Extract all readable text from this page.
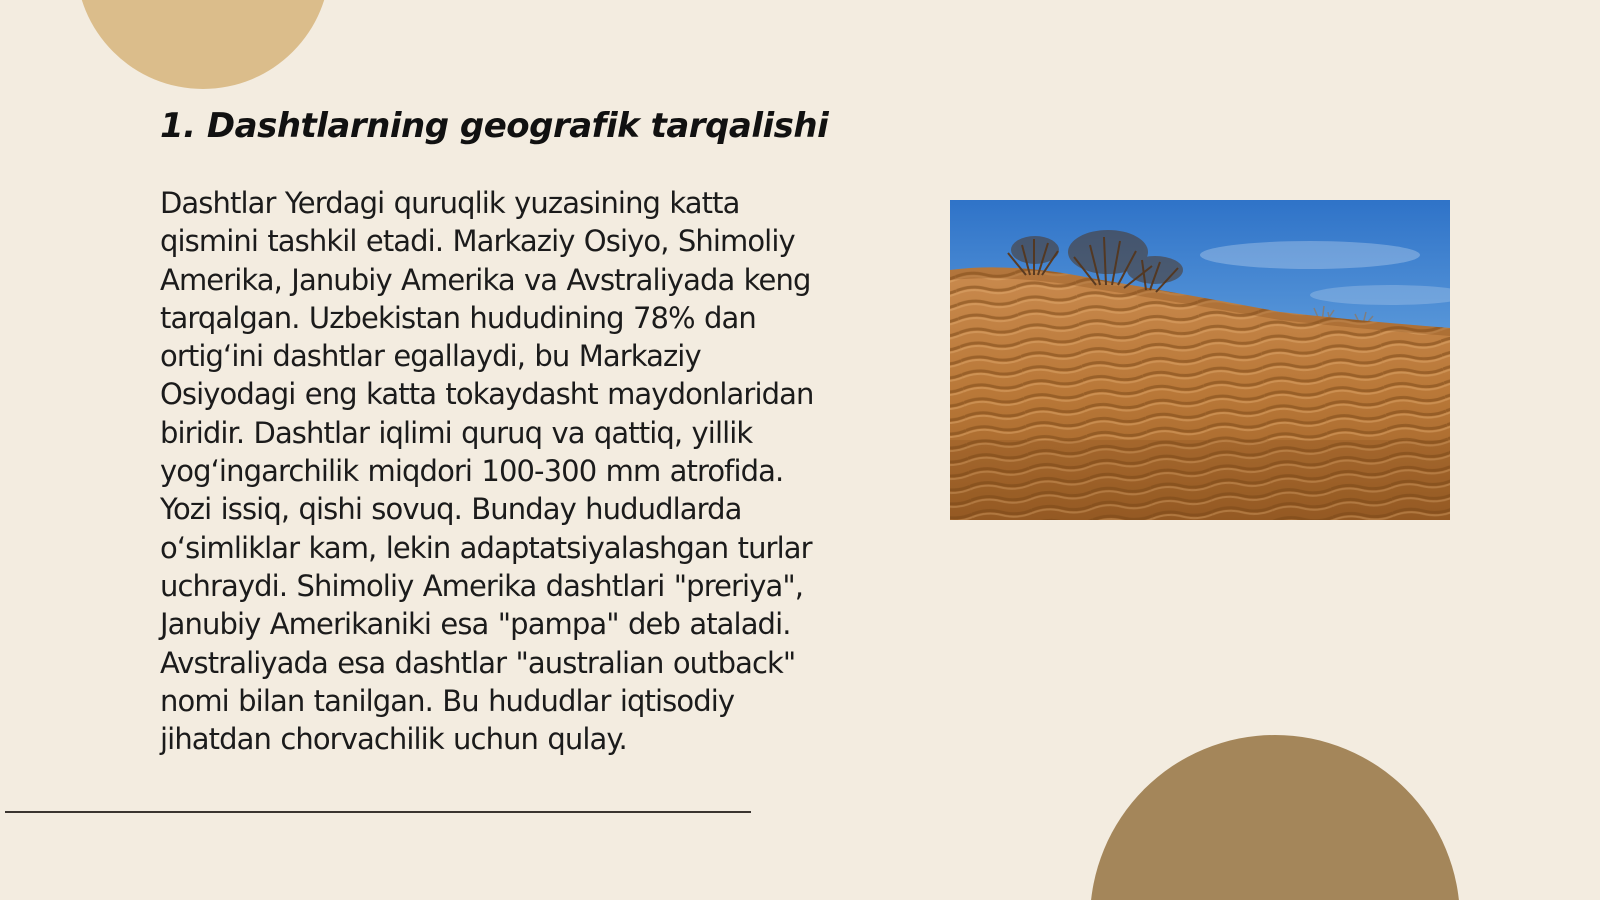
1. Dashtlarning geografik tarqalishi

Dashtlar Yerdagi quruqlik yuzasining katta qismini tashkil etadi. Markaziy Osiyo, Shimoliy Amerika, Janubiy Amerika va Avstraliyada keng tarqalgan. Uzbekistan hududining 78% dan ortig‘ini dashtlar egallaydi, bu Markaziy Osiyodagi eng katta tokaydasht maydonlaridan biridir. Dashtlar iqlimi quruq va qattiq, yillik yog‘ingarchilik miqdori 100-300 mm atrofida. Yozi issiq, qishi sovuq. Bunday hududlarda o‘simliklar kam, lekin adaptatsiyalashgan turlar uchraydi. Shimoliy Amerika dashtlari "preriya", Janubiy Amerikaniki esa "pampa" deb ataladi. Avstraliyada esa dashtlar "australian outback" nomi bilan tanilgan. Bu hududlar iqtisodiy jihatdan chorvachilik uchun qulay.
